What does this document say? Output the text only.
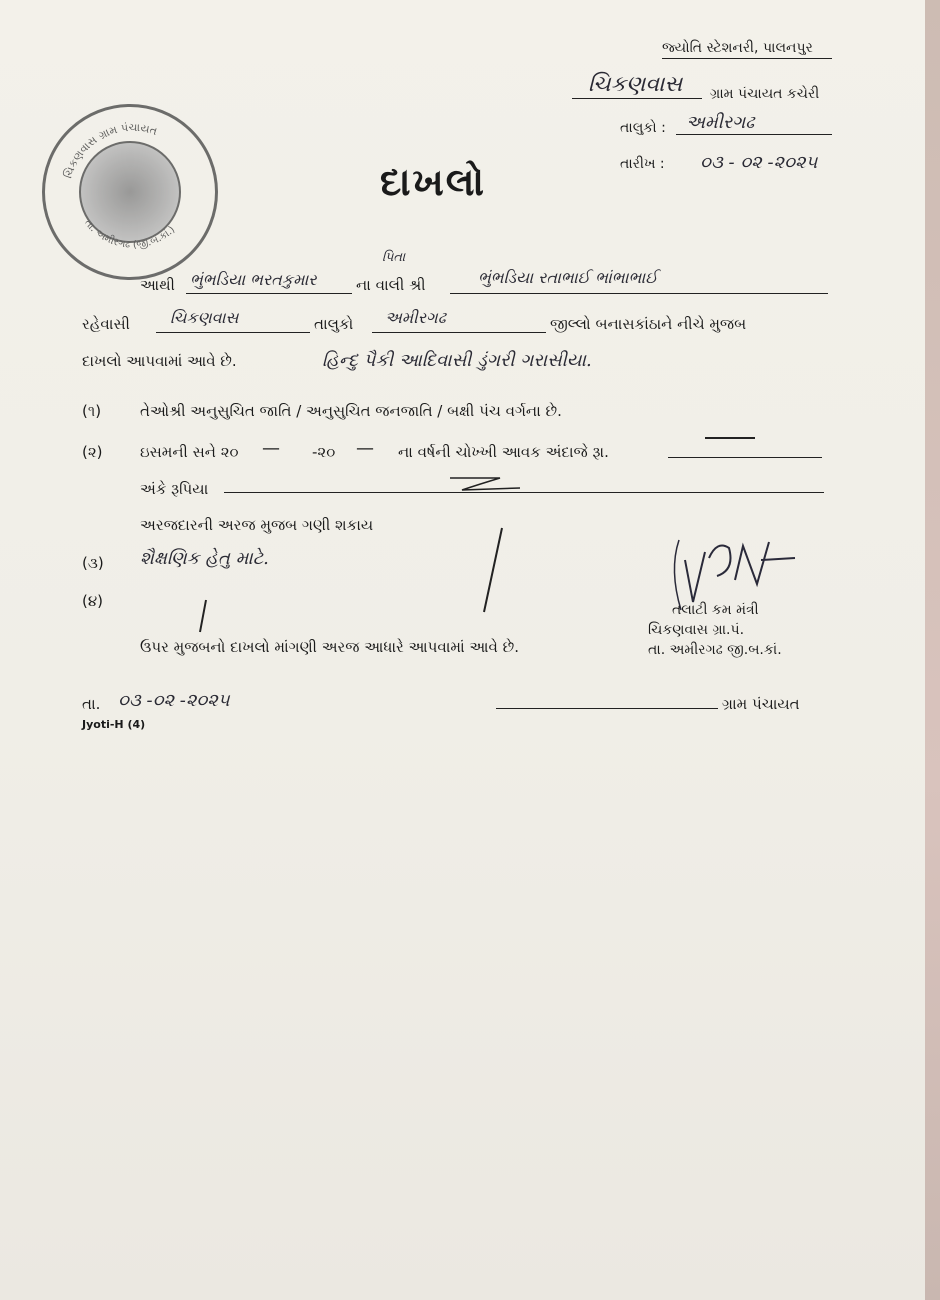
જ્યોતિ સ્ટેશનરી, પાલનપુર
ચિકણવાસ ગ્રામ પંચાયત કચેરી
તાલુકો : અમીરગઢ
તારીખ : ૦૩ - ૦૨ -૨૦૨૫
દાખલો
ચિકણવાસ ગ્રામ પંચાયત
તા. અમીરગઢ (જી.બ.કાં.)
આથી ભુંભડિયા ભરતકુમાર
પિતા
ના વાલી શ્રી	ભુંભડિયા રતાભાઈ ભાંભાભાઈ
રહેવાસી	ચિકણવાસ	તાલુકો અમીરગઢ	જીલ્લો બનાસકાંઠાને નીચે મુજબ
દાખલો આપવામાં આવે છે.	હિન્દુ પૈકી આદિવાસી ડુંગરી ગરાસીયા.
(૧)	તેઓશ્રી અનુસુચિત જાતિ / અનુસુચિત જનજાતિ / બક્ષી પંચ વર્ગના છે.
(૨) ઇસમની સને ૨૦ — -૨૦ — ના વર્ષની ચોખ્ખી આવક અંદાજે રૂા.
અંકે રૂપિયા
અરજદારની અરજ મુજબ ગણી શકાય
(૩) શૈક્ષણિક હેતુ માટે.
(૪)
ઉપર મુજબનો દાખલો માંગણી અરજ આધારે આપવામાં આવે છે.
તલાટી કમ મંત્રી
ચિકણવાસ ગ્રા.પં.
તા. અમીરગઢ જી.બ.કાં.
તા. ૦૩ -૦૨ -૨૦૨૫	ગ્રામ પંચાયત
Jyoti-H (4)
